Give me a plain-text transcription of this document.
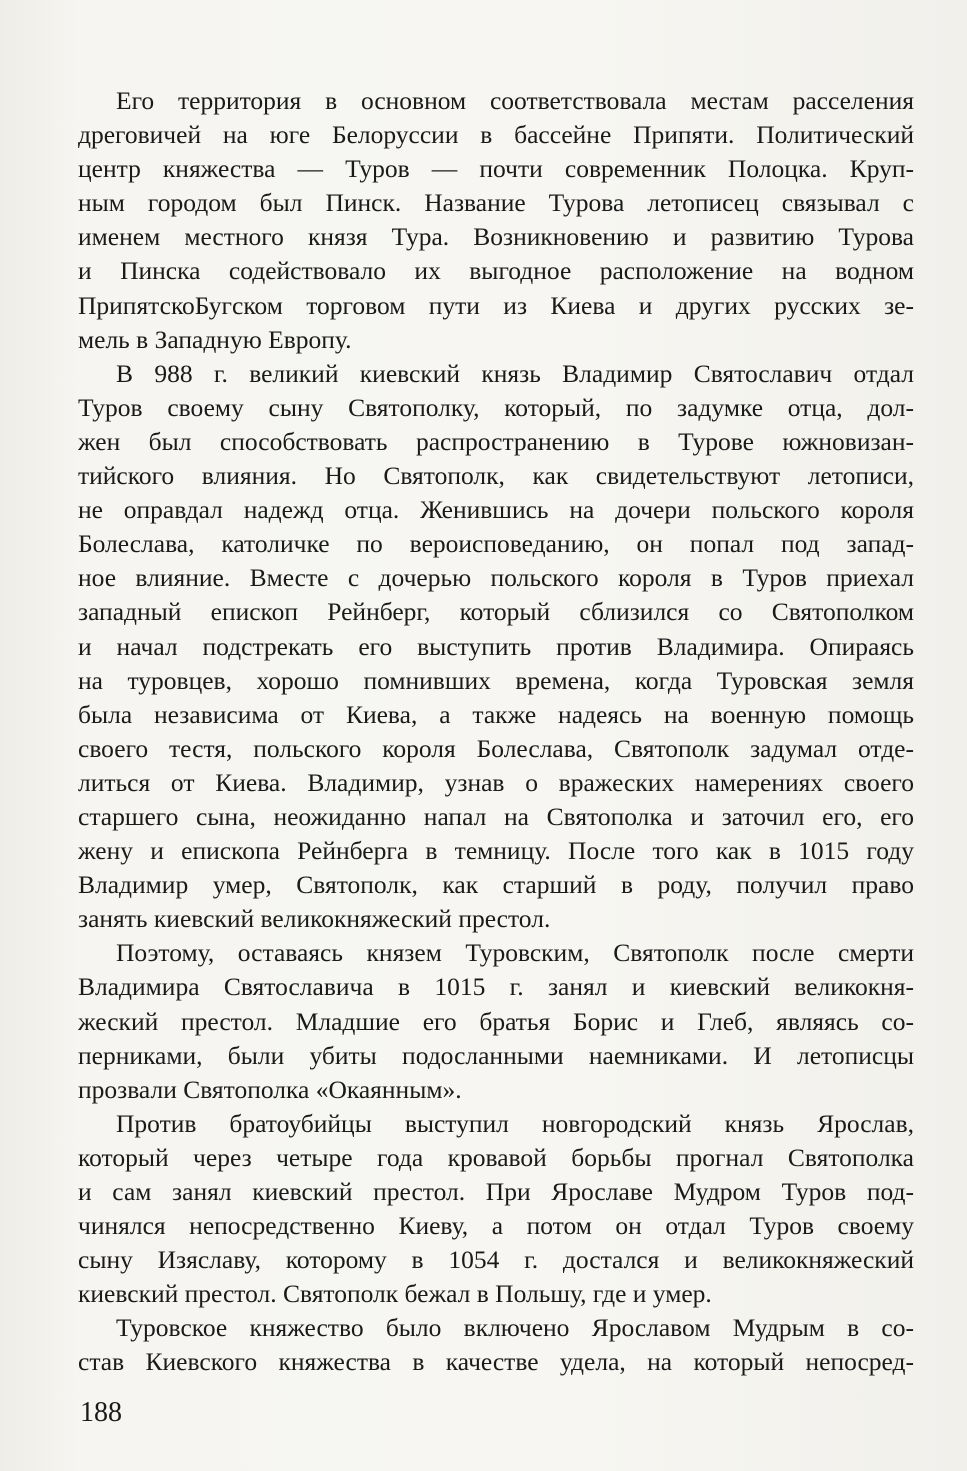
Его территория в основном соответствовала местам расселения
дреговичей на юге Белоруссии в бассейне Припяти. Политический
центр княжества — Туров — почти современник Полоцка. Круп-
ным городом был Пинск. Название Турова летописец связывал с
именем местного князя Тура. Возникновению и развитию Турова
и Пинска содействовало их выгодное расположение на водном
ПрипятскоБугском торговом пути из Киева и других русских зе-
мель в Западную Европу.
В 988 г. великий киевский князь Владимир Святославич отдал
Туров своему сыну Святополку, который, по задумке отца, дол-
жен был способствовать распространению в Турове южновизан-
тийского влияния. Но Святополк, как свидетельствуют летописи,
не оправдал надежд отца. Женившись на дочери польского короля
Болеслава, католичке по вероисповеданию, он попал под запад-
ное влияние. Вместе с дочерью польского короля в Туров приехал
западный епископ Рейнберг, который сблизился со Святополком
и начал подстрекать его выступить против Владимира. Опираясь
на туровцев, хорошо помнивших времена, когда Туровская земля
была независима от Киева, а также надеясь на военную помощь
своего тестя, польского короля Болеслава, Святополк задумал отде-
литься от Киева. Владимир, узнав о вражеских намерениях своего
старшего сына, неожиданно напал на Святополка и заточил его, его
жену и епископа Рейнберга в темницу. После того как в 1015 году
Владимир умер, Святополк, как старший в роду, получил право
занять киевский великокняжеский престол.
Поэтому, оставаясь князем Туровским, Святополк после смерти
Владимира Святославича в 1015 г. занял и киевский великокня-
жеский престол. Младшие его братья Борис и Глеб, являясь со-
перниками, были убиты подосланными наемниками. И летописцы
прозвали Святополка «Окаянным».
Против братоубийцы выступил новгородский князь Ярослав,
который через четыре года кровавой борьбы прогнал Святополка
и сам занял киевский престол. При Ярославе Мудром Туров под-
чинялся непосредственно Киеву, а потом он отдал Туров своему
сыну Изяславу, которому в 1054 г. достался и великокняжеский
киевский престол. Святополк бежал в Польшу, где и умер.
Туровское княжество было включено Ярославом Мудрым в со-
став Киевского княжества в качестве удела, на который непосред-
188
